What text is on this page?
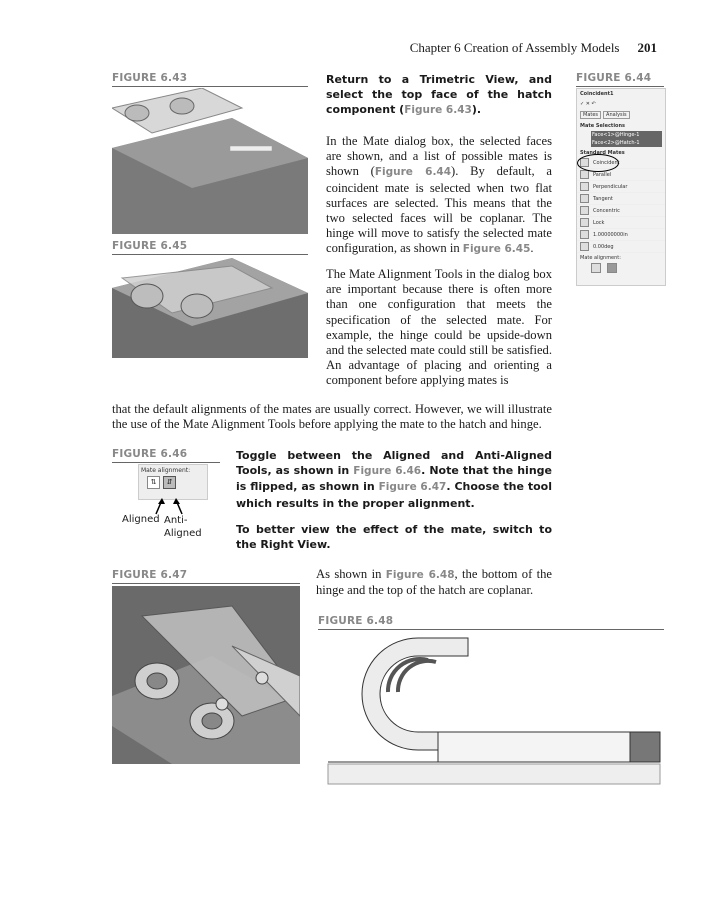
Chapter 6 Creation of Assembly Models 201
FIGURE 6.43	FIGURE 6.44
Coincident1
✓ ✕ ↶
Mates	Analysis
Mate Selections
Face<1>@Hinge-1
Face<2>@Hatch-1
Standard Mates
Coincident
Parallel
Perpendicular
Tangent
Concentric
Lock
1.00000000in
0.00deg
Mate alignment:
Return to a Trimetric View, and select the top face of the hatch component (Figure 6.43).
In the Mate dialog box, the selected faces are shown, and a list of possible mates is shown (Figure 6.44). By default, a coincident mate is selected when two flat surfaces are selected. This means that the two selected faces will be coplanar. The hinge will move to satisfy the selected mate configuration, as shown in Figure 6.45.
FIGURE 6.45
The Mate Alignment Tools in the dialog box are important because there is often more than one configuration that meets the specification of the selected mate. For example, the hinge could be upside-down and the selected mate could still be satisfied. An advantage of placing and orienting a component before applying mates is
that the default alignments of the mates are usually correct. However, we will illustrate the use of the Mate Alignment Tools before applying the mate to the hatch and hinge.
FIGURE 6.46
Mate alignment:
⇅	⇵
Aligned Anti-
Aligned
Toggle between the Aligned and Anti-Aligned Tools, as shown in Figure 6.46. Note that the hinge is flipped, as shown in Figure 6.47. Choose the tool which results in the proper alignment.
To better view the effect of the mate, switch to the Right View.
FIGURE 6.47	As shown in Figure 6.48, the bottom of the hinge and the top of the hatch are coplanar.
FIGURE 6.48
